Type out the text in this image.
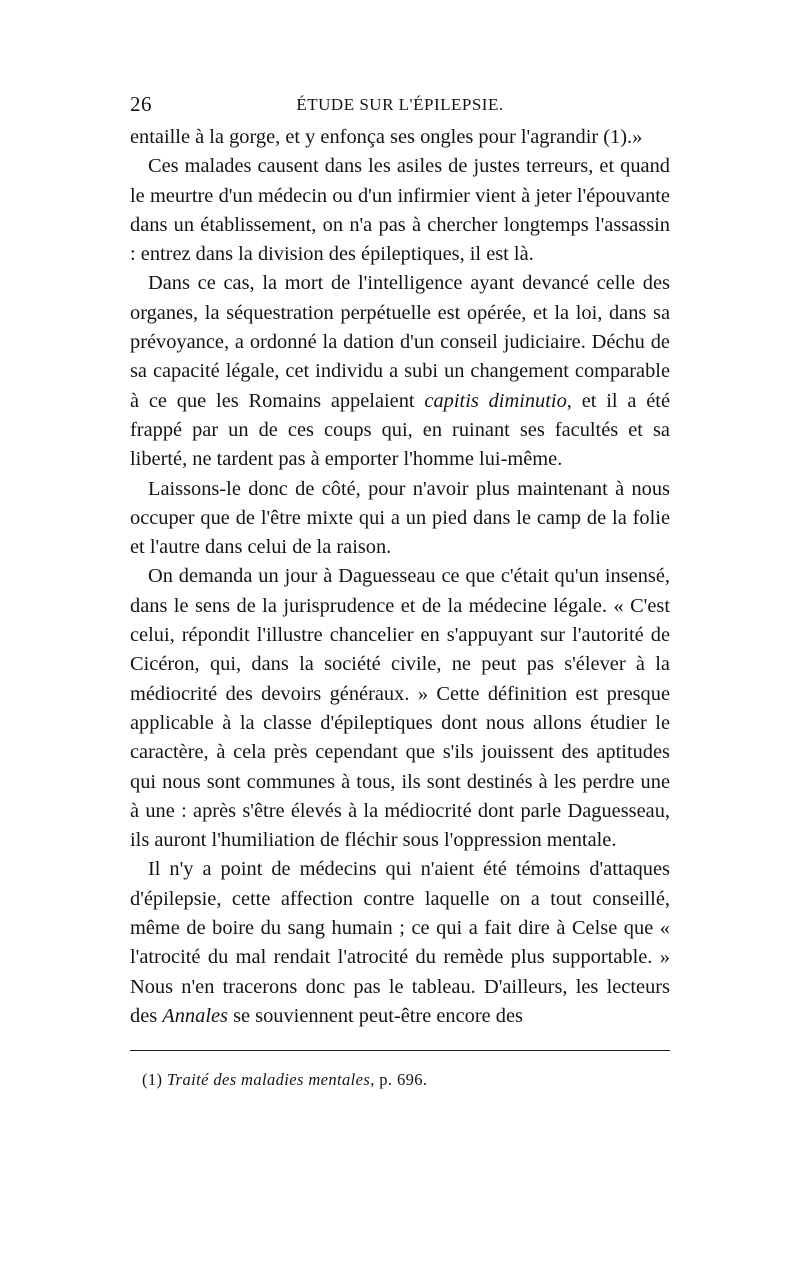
26	ÉTUDE SUR L'ÉPILEPSIE.

entaille à la gorge, et y enfonça ses ongles pour l'agrandir (1).»

Ces malades causent dans les asiles de justes terreurs, et quand le meurtre d'un médecin ou d'un infirmier vient à jeter l'épouvante dans un établissement, on n'a pas à chercher longtemps l'assassin : entrez dans la division des épileptiques, il est là.

Dans ce cas, la mort de l'intelligence ayant devancé celle des organes, la séquestration perpétuelle est opérée, et la loi, dans sa prévoyance, a ordonné la dation d'un conseil judiciaire. Déchu de sa capacité légale, cet individu a subi un changement comparable à ce que les Romains appelaient capitis diminutio, et il a été frappé par un de ces coups qui, en ruinant ses facultés et sa liberté, ne tardent pas à emporter l'homme lui-même.

Laissons-le donc de côté, pour n'avoir plus maintenant à nous occuper que de l'être mixte qui a un pied dans le camp de la folie et l'autre dans celui de la raison.

On demanda un jour à Daguesseau ce que c'était qu'un insensé, dans le sens de la jurisprudence et de la médecine légale. « C'est celui, répondit l'illustre chancelier en s'appuyant sur l'autorité de Cicéron, qui, dans la société civile, ne peut pas s'élever à la médiocrité des devoirs généraux. » Cette définition est presque applicable à la classe d'épileptiques dont nous allons étudier le caractère, à cela près cependant que s'ils jouissent des aptitudes qui nous sont communes à tous, ils sont destinés à les perdre une à une : après s'être élevés à la médiocrité dont parle Daguesseau, ils auront l'humiliation de fléchir sous l'oppression mentale.

Il n'y a point de médecins qui n'aient été témoins d'attaques d'épilepsie, cette affection contre laquelle on a tout conseillé, même de boire du sang humain ; ce qui a fait dire à Celse que « l'atrocité du mal rendait l'atrocité du remède plus supportable. » Nous n'en tracerons donc pas le tableau. D'ailleurs, les lecteurs des Annales se souviennent peut-être encore des

(1) Traité des maladies mentales, p. 696.
